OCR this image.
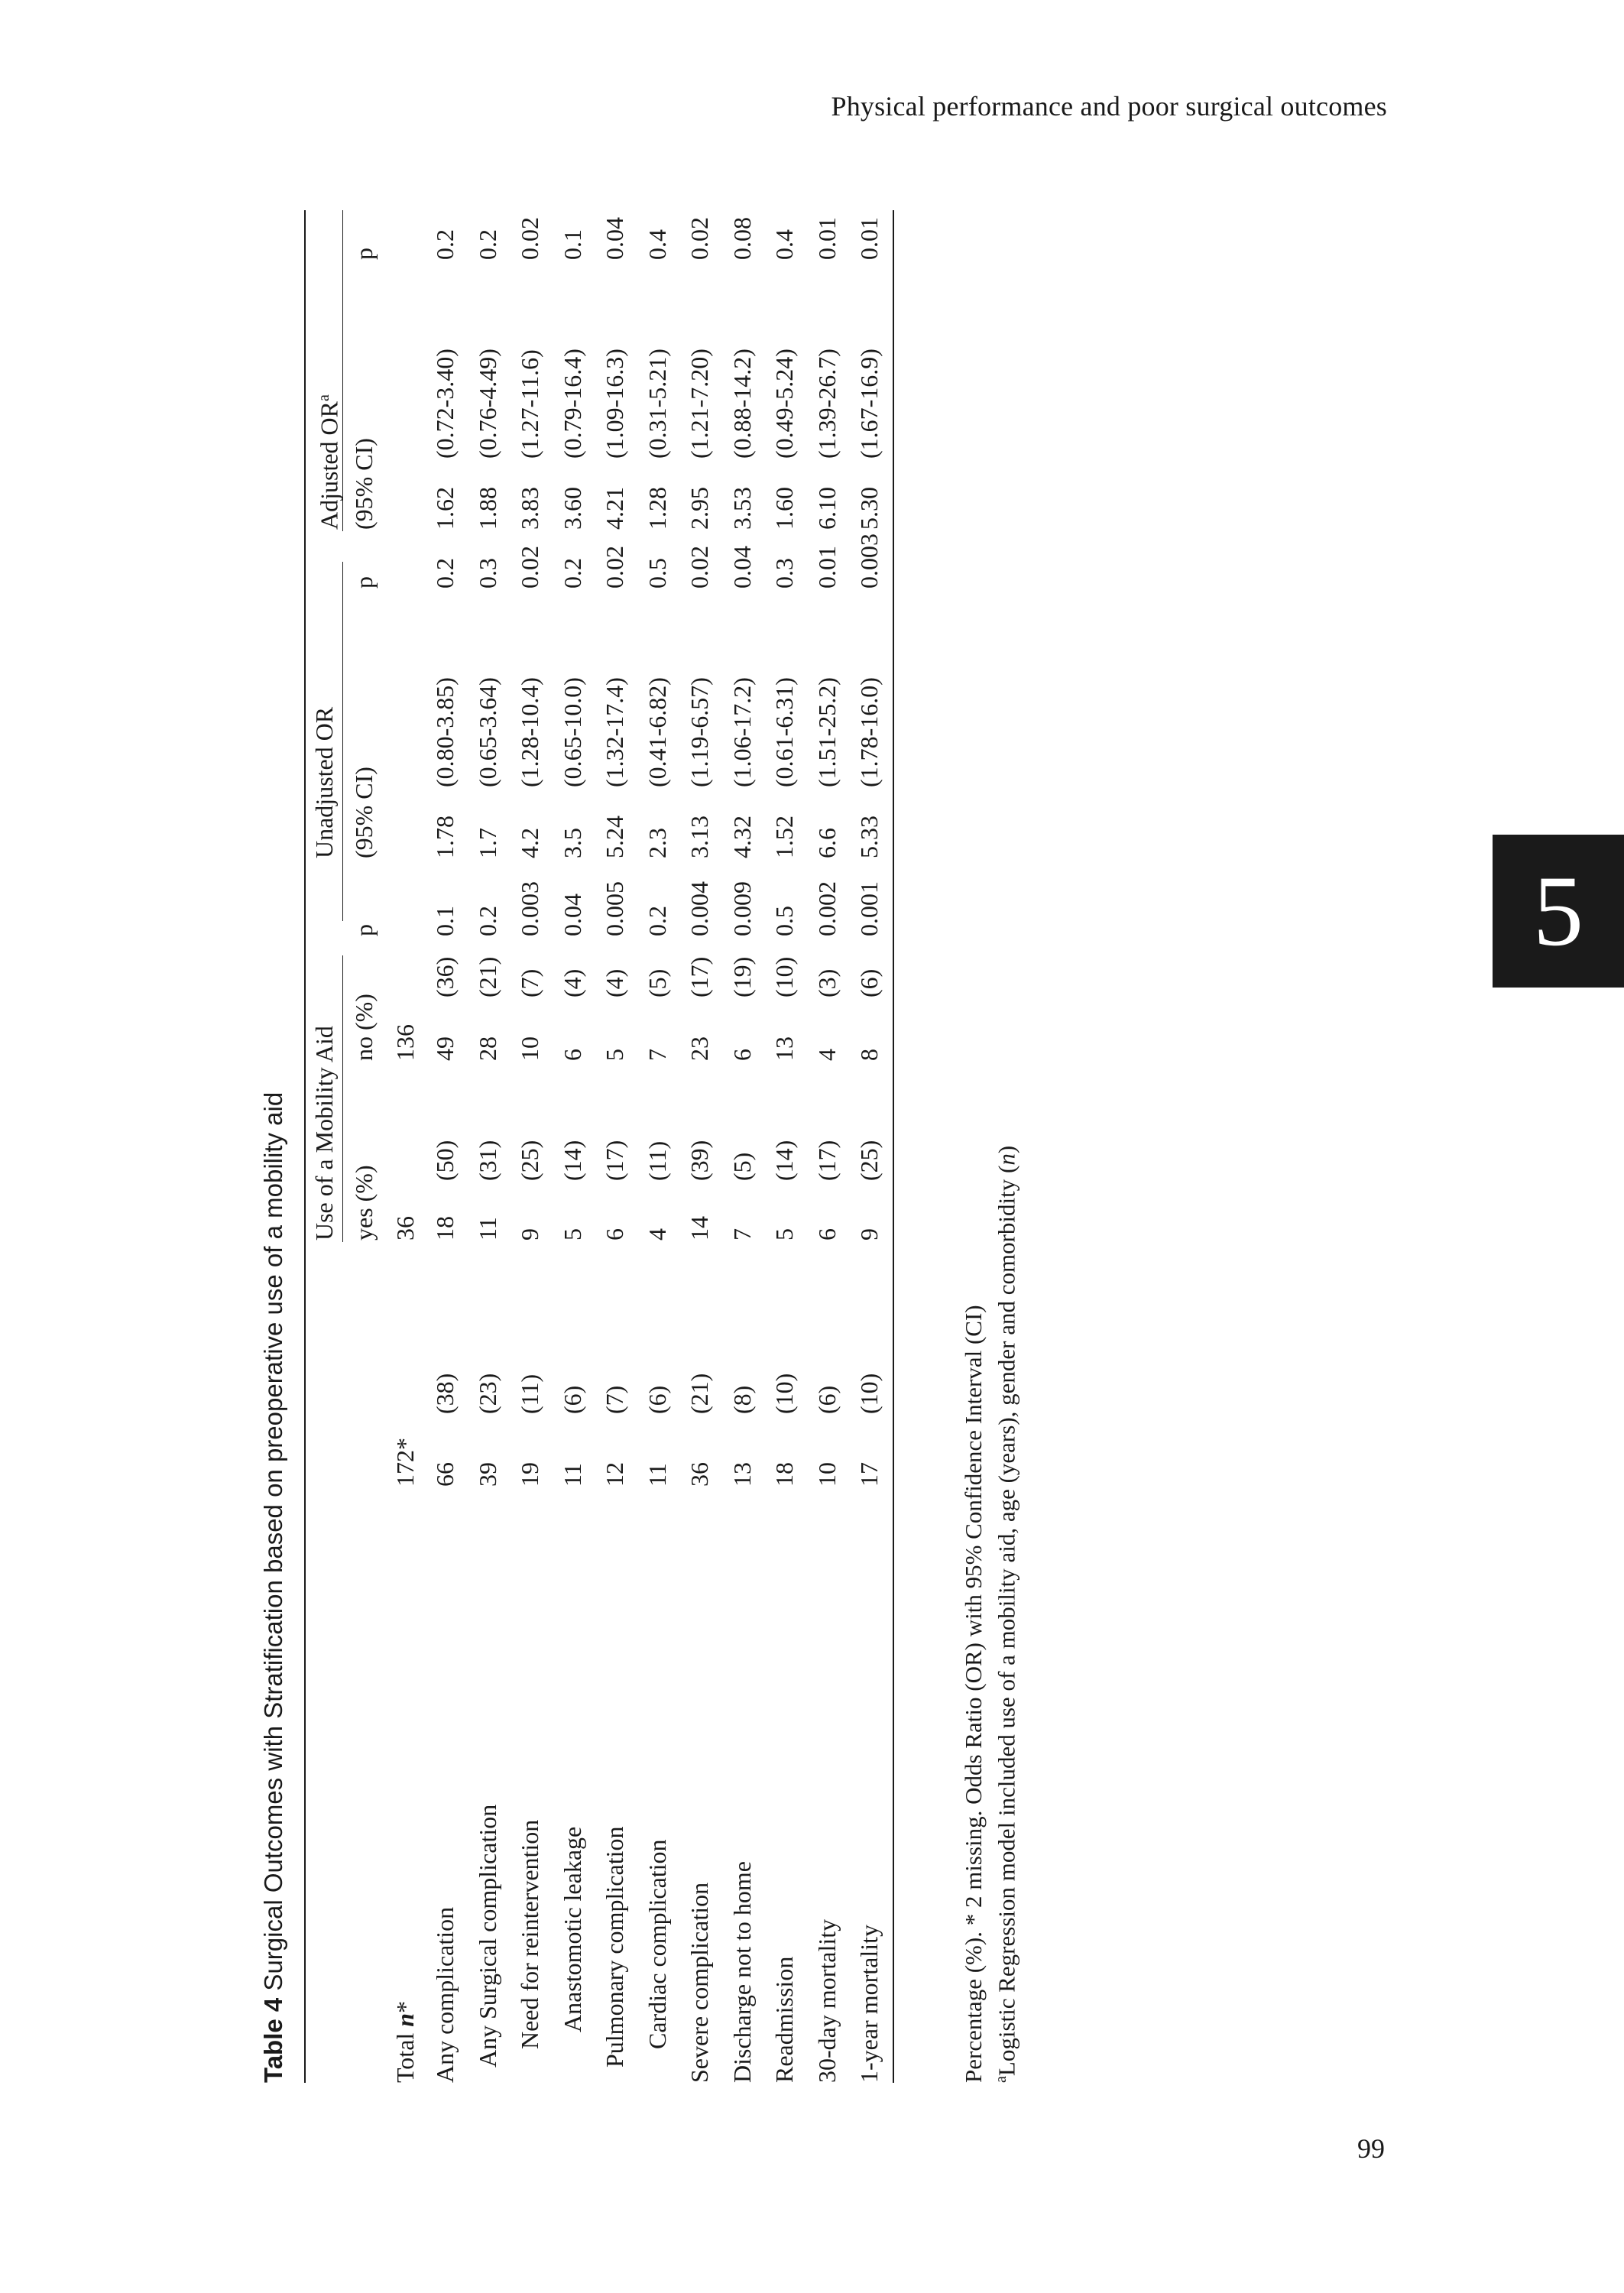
Physical performance and poor surgical outcomes
5
99
Table 4 Surgical Outcomes with Stratification based on preoperative use of a mobility aid Use of a Mobility Aid
Unadjusted OR
Adjusted $OR^a$
yes (%)
no (%)
p
(95% CI)
p
(95% CI)
p
Total n*
172*
36
136
Any complication
66
(38)
18
(50)
49
(36)
0.1
1.78
(0.80-3.85)
0.2
1.62
(0.72-3.40)
0.2
Any Surgical complication
39
(23)
11
(31)
28
(21)
0.2
1.7
(0.65-3.64)
0.3
1.88
(0.76-4.49)
0.2
Need for reintervention
19
(11)
9
(25)
10
(7)
0.003
4.2
(1.28-10.4)
0.02
3.83
(1.27-11.6)
0.02
Anastomotic leakage
11
(6)
5
(14)
6
(4)
0.04
3.5
(0.65-10.0)
0.2
3.60
(0.79-16.4)
0.1
Pulmonary complication
12
(7)
6
(17)
5
(4)
0.005
5.24
(1.32-17.4)
0.02
4.21
(1.09-16.3)
0.04
Cardiac complication
11
(6)
4
(11)
7
(5)
0.2
2.3
(0.41-6.82)
0.5
1.28
(0.31-5.21)
0.4
Severe complication
36
(21)
14
(39)
23
(17)
0.004
3.13
(1.19-6.57)
0.02
2.95
(1.21-7.20)
0.02
Discharge not to home
13
(8)
7
(5)
6
(19)
0.009
4.32
(1.06-17.2)
0.04
3.53
(0.88-14.2)
0.08
Readmission
18
(10)
5
(14)
13
(10)
0.5
1.52
(0.61-6.31)
0.3
1.60
(0.49-5.24)
0.4
30-day mortality
10
(6)
6
(17)
4
(3)
0.002
6.6
(1.51-25.2)
0.01
6.10
(1.39-26.7)
0.01
1-year mortality
17
(10)
9
(25)
8
(6)
0.001
5.33
(1.78-16.0)
0.003
5.30
(1.67-16.9)
0.01
Percentage (%). * 2 missing. Odds Ratio (OR) with 95% Confidence Interval (CI) $^a$Logistic Regression model included use of a mobility aid, age (years), gender and comorbidity (n)
